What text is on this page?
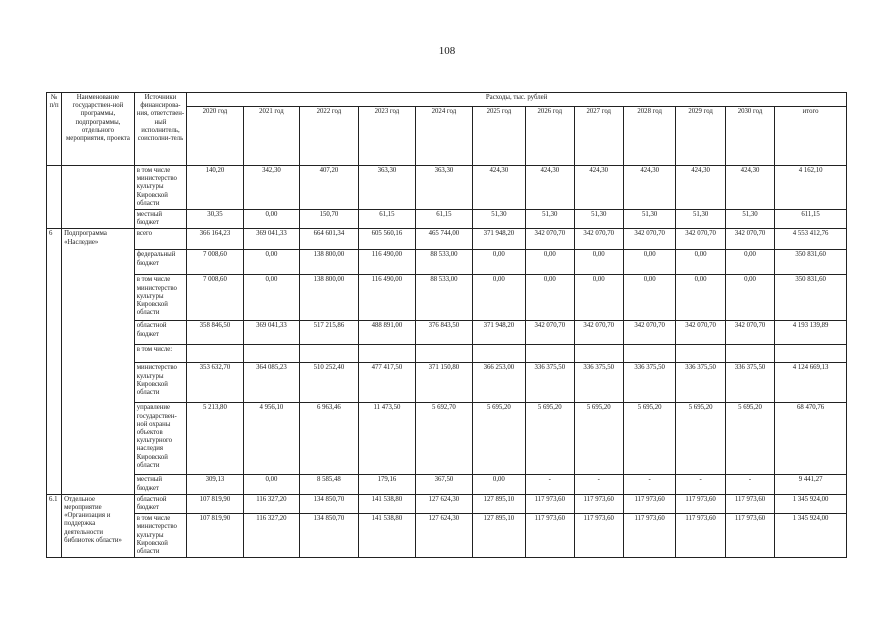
108
№ п/п	Наименование государствен-ной программы, подпрограммы, отдельного мероприятия, проекта	Источники финансирова-ния, ответствен-ный исполнитель, соисполни-тель	Расходы, тыс. рублей											
			2020 год	2021 год	2022 год	2023 год	2024 год	2025 год	2026 год	2027 год	2028 год	2029 год	2030 год	итого
		в том числе министерство культуры Кировской области	140,20	342,30	407,20	363,30	363,30	424,30	424,30	424,30	424,30	424,30	424,30	4 162,10
		местный бюджет	30,35	0,00	150,70	61,15	61,15	51,30	51,30	51,30	51,30	51,30	51,30	611,15
6	Подпрограмма «Наследие»	всего	366 164,23	369 041,33	664 601,34	605 560,16	465 744,00	371 948,20	342 070,70	342 070,70	342 070,70	342 070,70	342 070,70	4 553 412,76
		федеральный бюджет	7 008,60	0,00	138 800,00	116 490,00	88 533,00	0,00	0,00	0,00	0,00	0,00	0,00	350 831,60
		в том числе министерство культуры Кировской области	7 008,60	0,00	138 800,00	116 490,00	88 533,00	0,00	0,00	0,00	0,00	0,00	0,00	350 831,60
		областной бюджет	358 846,50	369 041,33	517 215,86	488 891,00	376 843,50	371 948,20	342 070,70	342 070,70	342 070,70	342 070,70	342 070,70	4 193 139,89
		в том числе:												
		министерство культуры Кировской области	353 632,70	364 085,23	510 252,40	477 417,50	371 150,80	366 253,00	336 375,50	336 375,50	336 375,50	336 375,50	336 375,50	4 124 669,13
		управление государствен-ной охраны объектов культурного наследия Кировской области	5 213,80	4 956,10	6 963,46	11 473,50	5 692,70	5 695,20	5 695,20	5 695,20	5 695,20	5 695,20	5 695,20	68 470,76
		местный бюджет	309,13	0,00	8 585,48	179,16	367,50	0,00	-	-	-	-	-	9 441,27
6.1	Отдельное мероприятие «Организация и поддержка деятельности библиотек области»	областной бюджет	107 819,90	116 327,20	134 850,70	141 538,80	127 624,30	127 895,10	117 973,60	117 973,60	117 973,60	117 973,60	117 973,60	1 345 924,00
		в том числе министерство культуры Кировской области	107 819,90	116 327,20	134 850,70	141 538,80	127 624,30	127 895,10	117 973,60	117 973,60	117 973,60	117 973,60	117 973,60	1 345 924,00
